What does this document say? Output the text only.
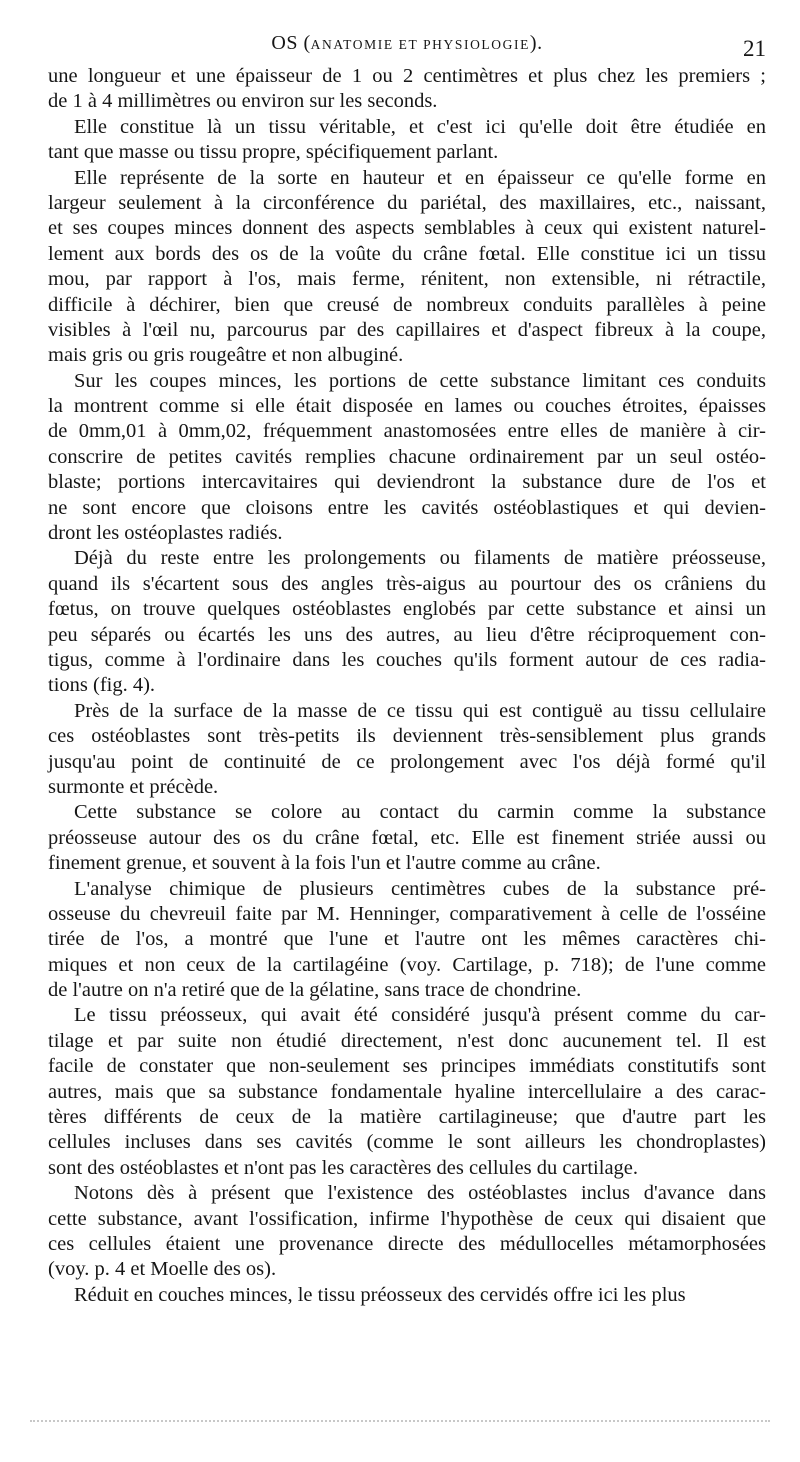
OS (ANATOMIE ET PHYSIOLOGIE).	21
une longueur et une épaisseur de 1 ou 2 centimètres et plus chez les premiers ;
de 1 à 4 millimètres ou environ sur les seconds.
Elle constitue là un tissu véritable, et c'est ici qu'elle doit être étudiée en
tant que masse ou tissu propre, spécifiquement parlant.
Elle représente de la sorte en hauteur et en épaisseur ce qu'elle forme en
largeur seulement à la circonférence du pariétal, des maxillaires, etc., naissant,
et ses coupes minces donnent des aspects semblables à ceux qui existent naturel-
lement aux bords des os de la voûte du crâne fœtal. Elle constitue ici un tissu
mou, par rapport à l'os, mais ferme, rénitent, non extensible, ni rétractile,
difficile à déchirer, bien que creusé de nombreux conduits parallèles à peine
visibles à l'œil nu, parcourus par des capillaires et d'aspect fibreux à la coupe,
mais gris ou gris rougeâtre et non albuginé.
Sur les coupes minces, les portions de cette substance limitant ces conduits
la montrent comme si elle était disposée en lames ou couches étroites, épaisses
de 0mm,01 à 0mm,02, fréquemment anastomosées entre elles de manière à cir-
conscrire de petites cavités remplies chacune ordinairement par un seul ostéo-
blaste; portions intercavitaires qui deviendront la substance dure de l'os et
ne sont encore que cloisons entre les cavités ostéoblastiques et qui devien-
dront les ostéoplastes radiés.
Déjà du reste entre les prolongements ou filaments de matière préosseuse,
quand ils s'écartent sous des angles très-aigus au pourtour des os crâniens du
fœtus, on trouve quelques ostéoblastes englobés par cette substance et ainsi un
peu séparés ou écartés les uns des autres, au lieu d'être réciproquement con-
tigus, comme à l'ordinaire dans les couches qu'ils forment autour de ces radia-
tions (fig. 4).
Près de la surface de la masse de ce tissu qui est contiguë au tissu cellulaire
ces ostéoblastes sont très-petits ils deviennent très-sensiblement plus grands
jusqu'au point de continuité de ce prolongement avec l'os déjà formé qu'il
surmonte et précède.
Cette substance se colore au contact du carmin comme la substance
préosseuse autour des os du crâne fœtal, etc. Elle est finement striée aussi ou
finement grenue, et souvent à la fois l'un et l'autre comme au crâne.
L'analyse chimique de plusieurs centimètres cubes de la substance pré-
osseuse du chevreuil faite par M. Henninger, comparativement à celle de l'osséine
tirée de l'os, a montré que l'une et l'autre ont les mêmes caractères chi-
miques et non ceux de la cartilagéine (voy. Cartilage, p. 718); de l'une comme
de l'autre on n'a retiré que de la gélatine, sans trace de chondrine.
Le tissu préosseux, qui avait été considéré jusqu'à présent comme du car-
tilage et par suite non étudié directement, n'est donc aucunement tel. Il est
facile de constater que non-seulement ses principes immédiats constitutifs sont
autres, mais que sa substance fondamentale hyaline intercellulaire a des carac-
tères différents de ceux de la matière cartilagineuse; que d'autre part les
cellules incluses dans ses cavités (comme le sont ailleurs les chondroplastes)
sont des ostéoblastes et n'ont pas les caractères des cellules du cartilage.
Notons dès à présent que l'existence des ostéoblastes inclus d'avance dans
cette substance, avant l'ossification, infirme l'hypothèse de ceux qui disaient que
ces cellules étaient une provenance directe des médullocelles métamorphosées
(voy. p. 4 et Moelle des os).
Réduit en couches minces, le tissu préosseux des cervidés offre ici les plus
